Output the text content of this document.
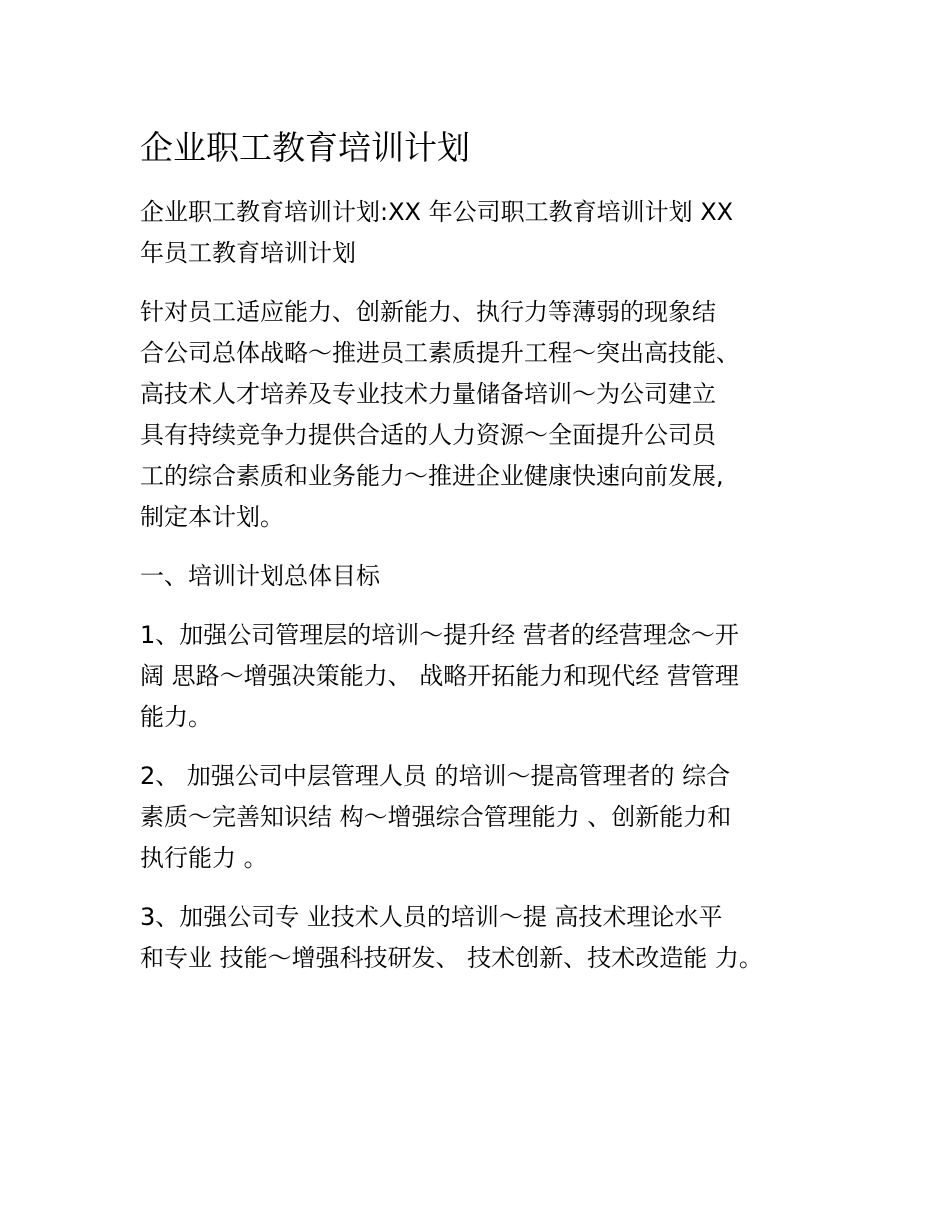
企业职工教育培训计划

企业职工教育培训计划:XX 年公司职工教育培训计划 XX
年员工教育培训计划

针对员工适应能力、创新能力、执行力等薄弱的现象结
合公司总体战略～推进员工素质提升工程～突出高技能、
高技术人才培养及专业技术力量储备培训～为公司建立
具有持续竞争力提供合适的人力资源～全面提升公司员
工的综合素质和业务能力～推进企业健康快速向前发展,
制定本计划。

一、培训计划总体目标

1、加强公司管理层的培训～提升经 营者的经营理念～开
阔 思路～增强决策能力、 战略开拓能力和现代经 营管理
能力。

2、 加强公司中层管理人员 的培训～提高管理者的 综合
素质～完善知识结 构～增强综合管理能力 、创新能力和
执行能力 。

3、加强公司专 业技术人员的培训～提 高技术理论水平
和专业 技能～增强科技研发、 技术创新、技术改造能 力。
